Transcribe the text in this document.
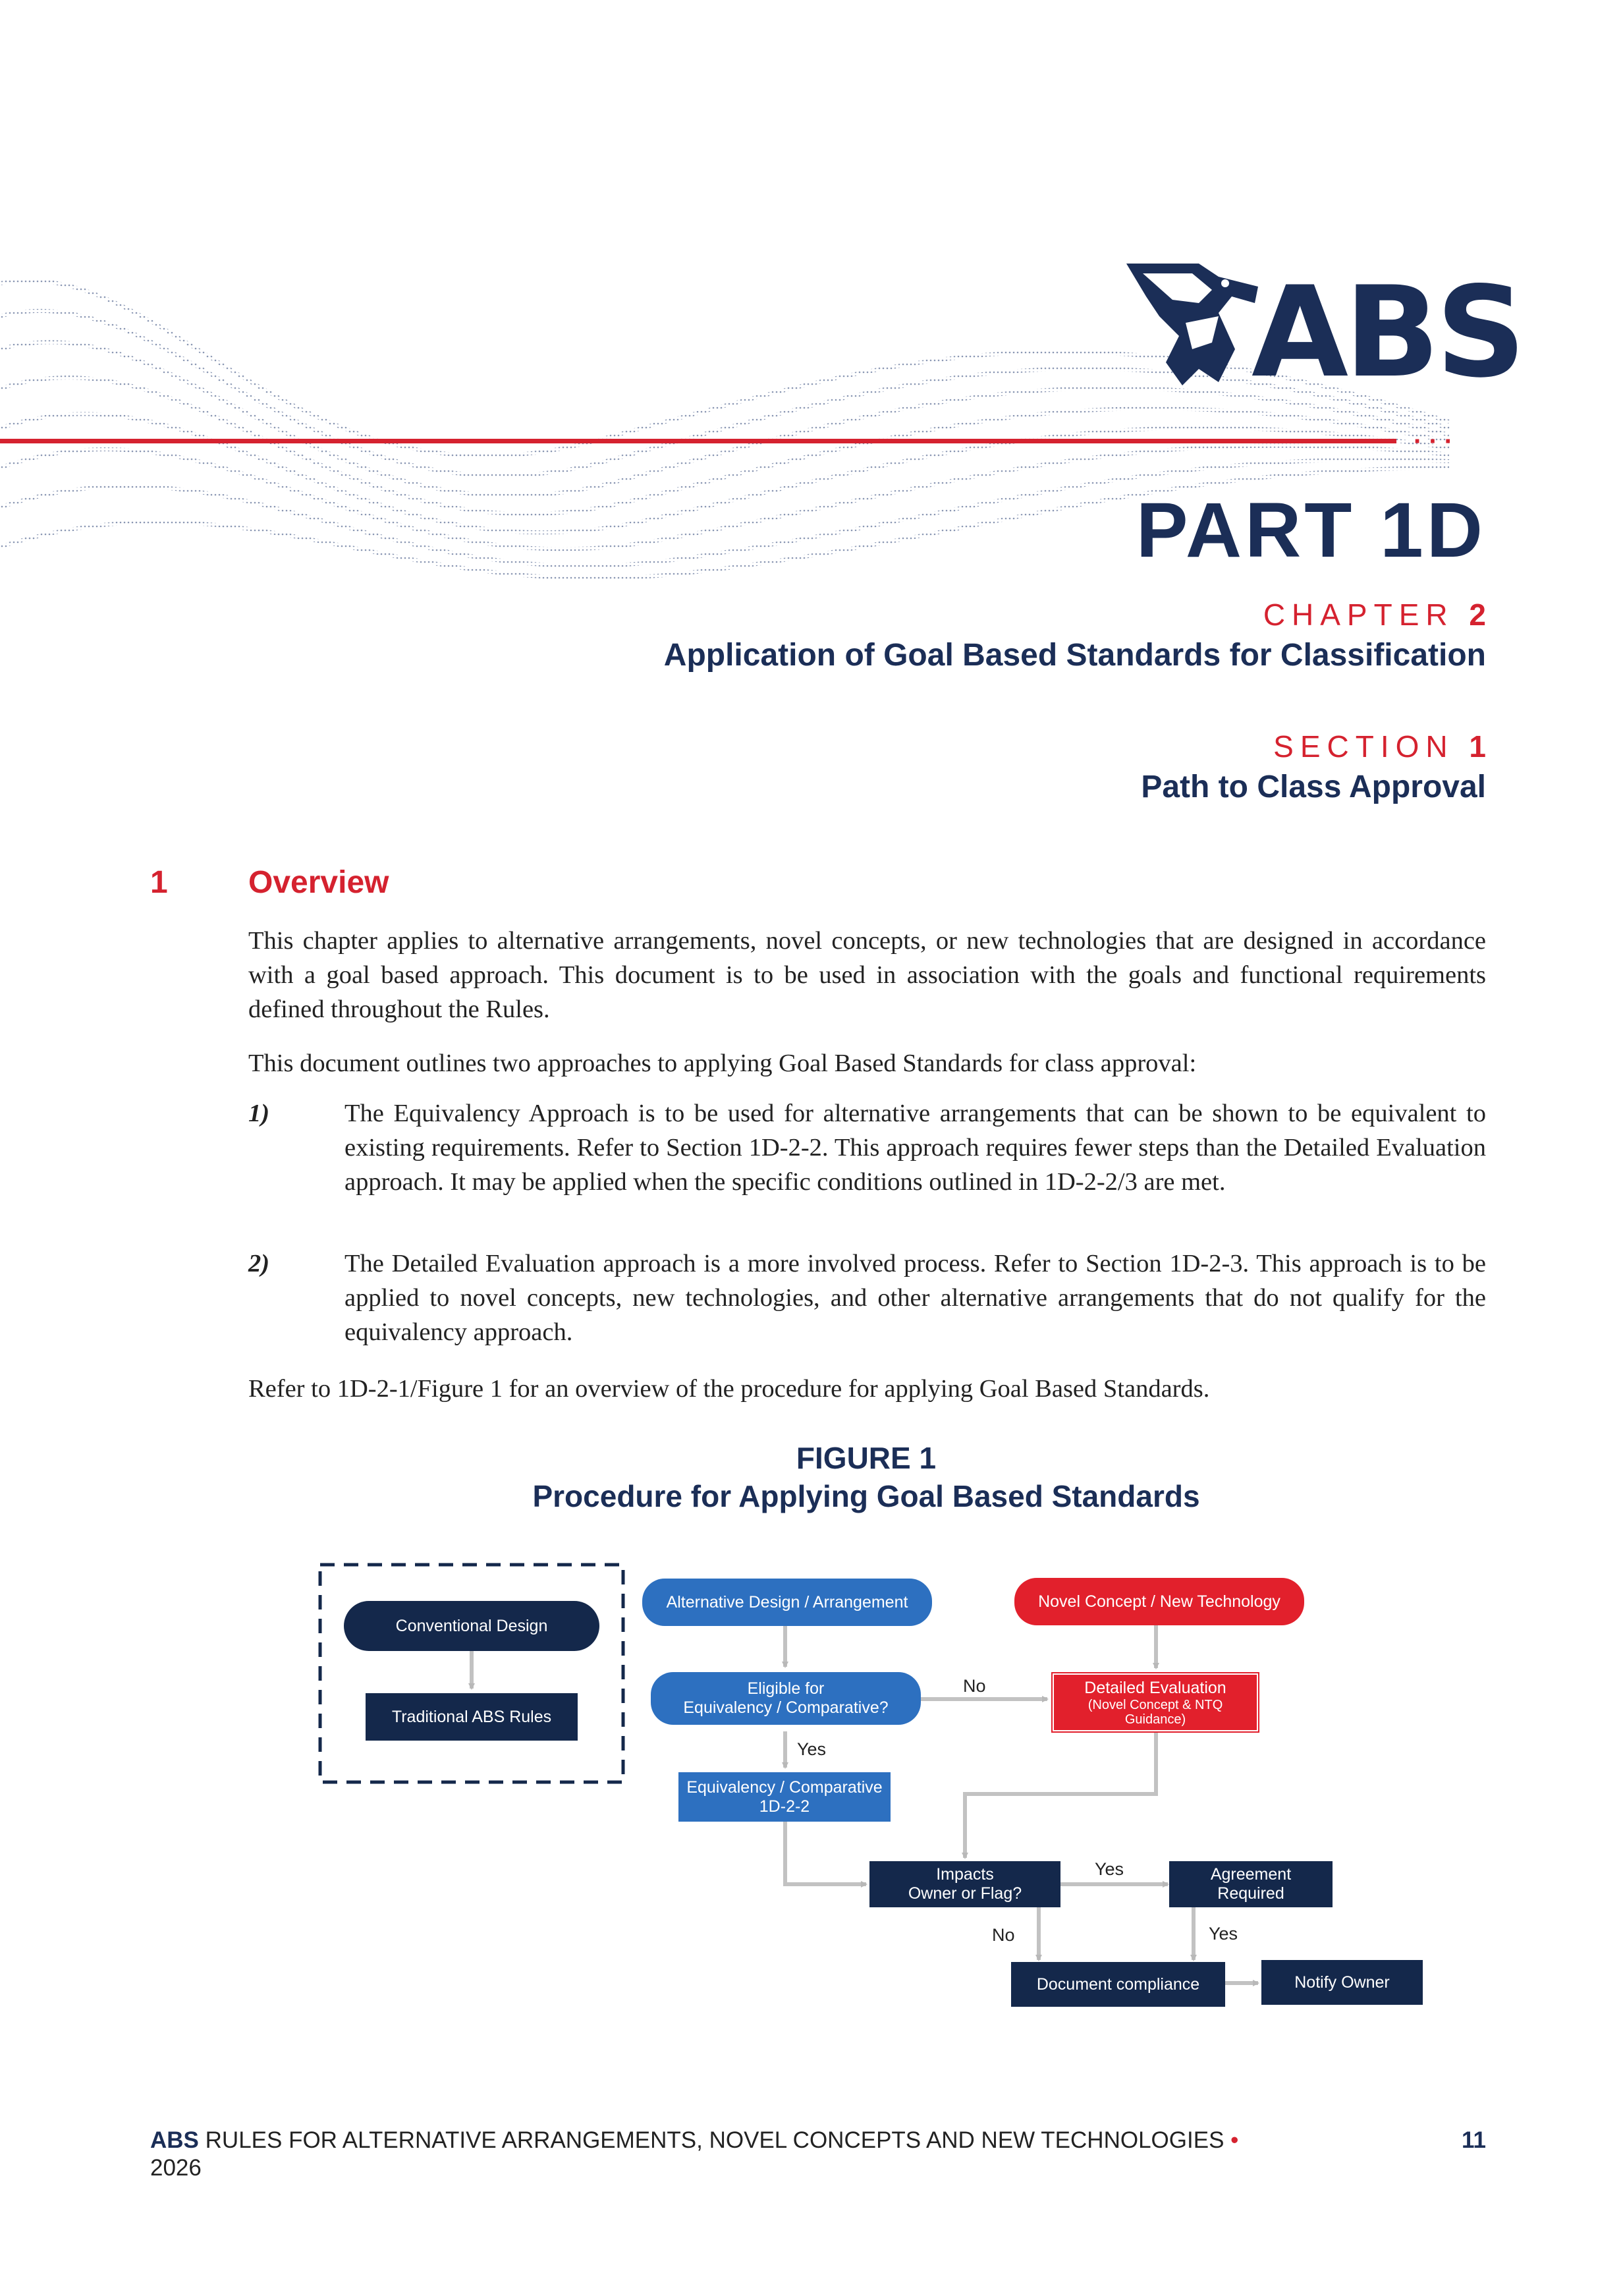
···
ABS
PART 1D
CHAPTER 2
Application of Goal Based Standards for Classification
SECTION 1
Path to Class Approval
1	Overview

This chapter applies to alternative arrangements, novel concepts, or new technologies that are designed in accordance with a goal based approach. This document is to be used in association with the goals and functional requirements defined throughout the Rules.

This document outlines two approaches to applying Goal Based Standards for class approval:

1)	The Equivalency Approach is to be used for alternative arrangements that can be shown to be equivalent to existing requirements. Refer to Section 1D-2-2. This approach requires fewer steps than the Detailed Evaluation approach. It may be applied when the specific conditions outlined in 1D-2-2/3 are met.

2)	The Detailed Evaluation approach is a more involved process. Refer to Section 1D-2-3. This approach is to be applied to novel concepts, new technologies, and other alternative arrangements that do not qualify for the equivalency approach.

Refer to 1D-2-1/Figure 1 for an overview of the procedure for applying Goal Based Standards.

FIGURE 1
Procedure for Applying Goal Based Standards
Conventional Design
Traditional ABS Rules
Alternative Design / Arrangement	Novel Concept / New Technology
Eligible for
Equivalency / Comparative?
Detailed Evaluation
(Novel Concept & NTQ
Guidance)
Equivalency / Comparative
1D-2-2
Impacts
Owner or Flag?
Agreement
Required
Document compliance	Notify Owner
No
Yes
Yes
No	Yes
ABS RULES FOR ALTERNATIVE ARRANGEMENTS, NOVEL CONCEPTS AND NEW TECHNOLOGIES •
2026
11
